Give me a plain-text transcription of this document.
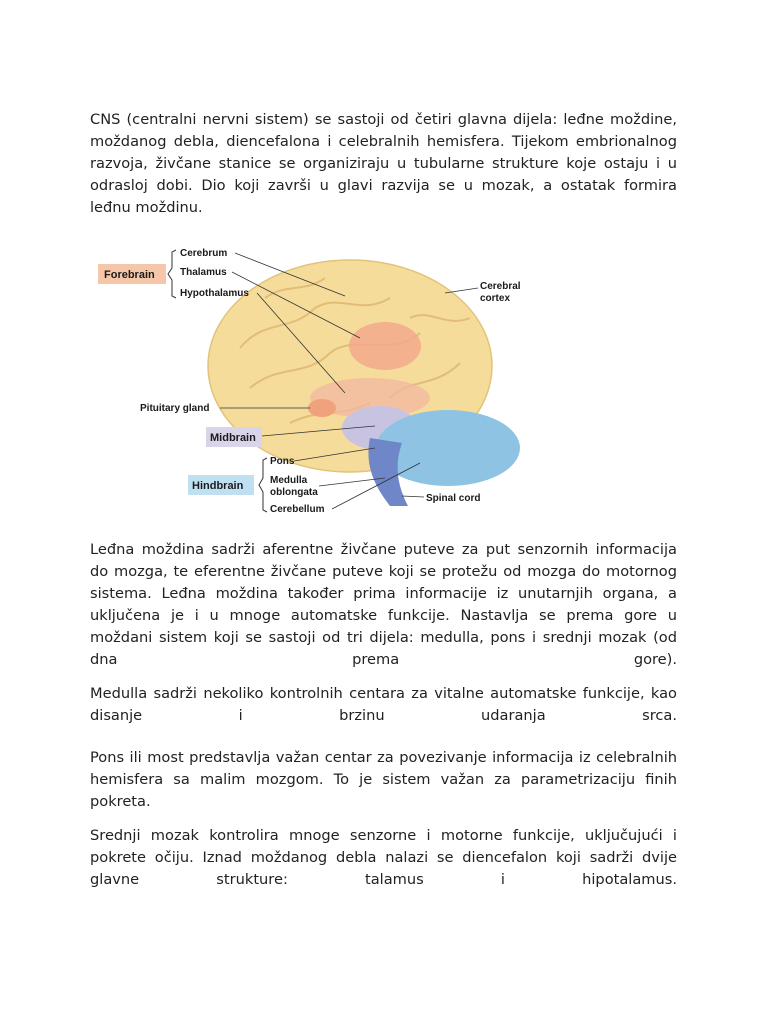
CNS (centralni nervni sistem) se sastoji od četiri glavna dijela: leđne moždine,
moždanog debla, diencefalona i celebralnih hemisfera. Tijekom embrionalnog
razvoja, živčane stanice se organiziraju u tubularne strukture koje ostaju i u
odrasloj dobi. Dio koji završi u glavi razvija se u mozak, a ostatak formira
leđnu moždinu.

Forebrain
Cerebrum
Thalamus
Hypothalamus
Cerebral
cortex
Pituitary gland
Midbrain
Hindbrain
Pons
Medulla
oblongata
Cerebellum
Spinal cord

Leđna moždina sadrži aferentne živčane puteve za put senzornih informacija
do mozga, te eferentne živčane puteve koji se protežu od mozga do motornog
sistema. Leđna moždina također prima informacije iz unutarnjih organa, a
uključena je i u mnoge automatske funkcije. Nastavlja se prema gore u
moždani sistem koji se sastoji od tri dijela: medulla, pons i srednji mozak (od
dna prema gore).

Medulla sadrži nekoliko kontrolnih centara za vitalne automatske funkcije, kao
disanje i brzinu udaranja srca.

Pons ili most predstavlja važan centar za povezivanje informacija iz celebralnih
hemisfera sa malim mozgom. To je sistem važan za parametrizaciju finih
pokreta.

Srednji mozak kontrolira mnoge senzorne i motorne funkcije, uključujući i
pokrete očiju. Iznad moždanog debla nalazi se diencefalon koji sadrži dvije
glavne strukture: talamus i hipotalamus.
